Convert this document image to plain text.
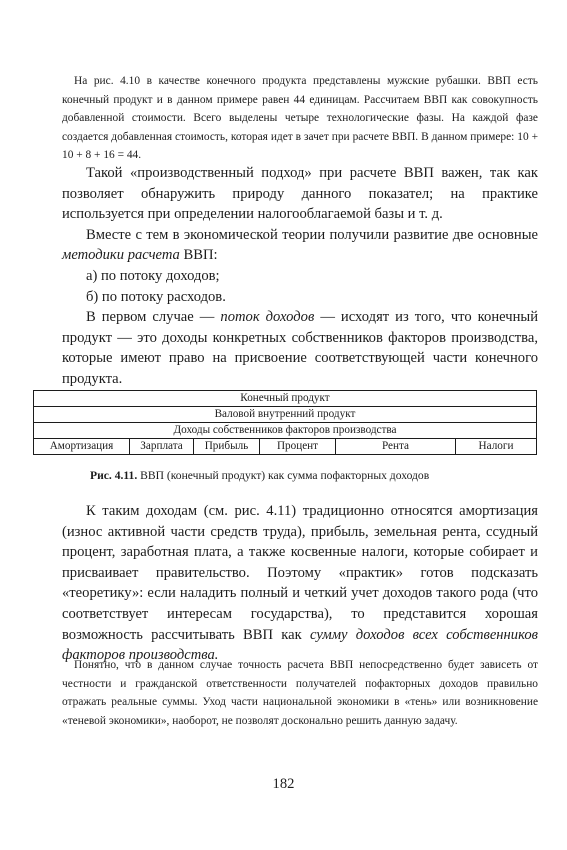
На рис. 4.10 в качестве конечного продукта представлены мужские рубашки. ВВП есть конечный продукт и в данном примере равен 44 единицам. Рассчитаем ВВП как совокупность добавленной стоимости. Всего выделены четыре технологические фазы. На каждой фазе создается добавленная стоимость, которая идет в зачет при расчете ВВП. В данном примере: 10 + 10 + 8 + 16 = 44.

Такой «производственный подход» при расчете ВВП важен, так как позволяет обнаружить природу данного показател; на практике используется при определении налогооблагаемой базы и т. д.

Вместе с тем в экономической теории получили развитие две основные методики расчета ВВП:

а) по потоку доходов;

б) по потоку расходов.

В первом случае — поток доходов — исходят из того, что конечный продукт — это доходы конкретных собственников факторов производства, которые имеют право на присвоение соответствующей части конечного продукта.

Конечный продукт
Валовой внутренний продукт
Доходы собственников факторов производства
Амортизация	Зарплата	Прибыль	Процент	Рента	Налоги
Рис. 4.11. ВВП (конечный продукт) как сумма пофакторных доходов

К таким доходам (см. рис. 4.11) традиционно относятся амортизация (износ активной части средств труда), прибыль, земельная рента, ссудный процент, заработная плата, а также косвенные налоги, которые собирает и присваивает правительство. Поэтому «практик» готов подсказать «теоретику»: если наладить полный и четкий учет доходов такого рода (что соответствует интересам государства), то представится хорошая возможность рассчитывать ВВП как сумму доходов всех собственников факторов производства.

Понятно, что в данном случае точность расчета ВВП непосредственно будет зависеть от честности и гражданской ответственности получателей пофакторных доходов правильно отражать реальные суммы. Уход части национальной экономики в «тень» или возникновение «теневой экономики», наоборот, не позволят досконально решить данную задачу.

182
